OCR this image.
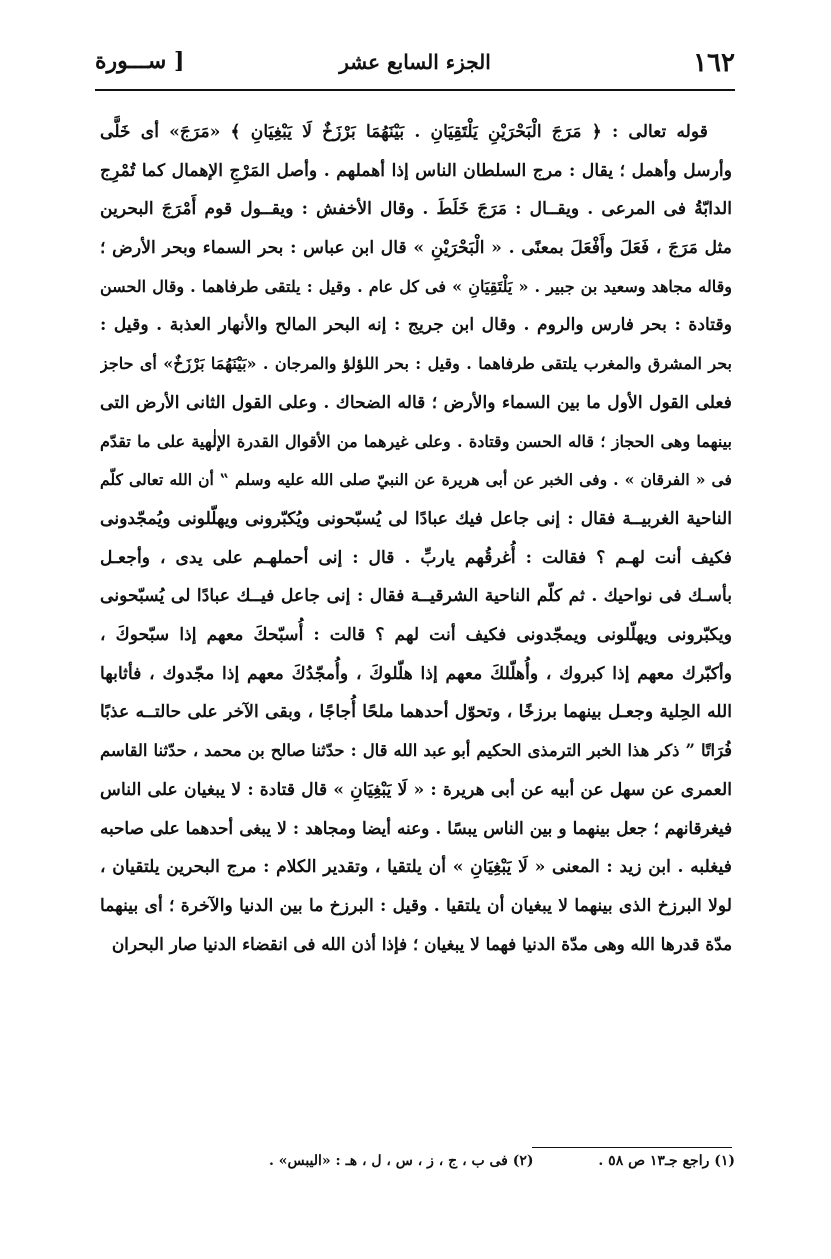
١٦٢
الجزء السابع عشر
[ ســـورة
قوله تعالى : ﴿ مَرَجَ الْبَحْرَيْنِ يَلْتَقِيَانِ . بَيْنَهُمَا بَرْزَخٌ لَا يَبْغِيَانِ ﴾ «مَرَجَ» أى خَلَّى
وأرسل وأهمل ؛ يقال : مرج السلطان الناس إذا أهملهم . وأصل المَرْجِ الإهمال كما تُمْرِج
الدابّةُ فى المرعى . ويقــال : مَرَجَ خَلَطَ . وقال الأخفش : ويقــول قوم أَمْرَجَ البحرين
مثل مَرَجَ ، فَعَلَ وأَفْعَلَ بمعنًى . « الْبَحْرَيْنِ » قال ابن عباس : بحر السماء وبحر الأرض ؛
وقاله مجاهد وسعيد بن جبير . « يَلْتَقِيَانِ » فى كل عام . وقيل : يلتقى طرفاهما . وقال الحسن
وقتادة : بحر فارس والروم . وقال ابن جريج : إنه البحر المالح والأنهار العذبة . وقيل :
بحر المشرق والمغرب يلتقى طرفاهما . وقيل : بحر اللؤلؤ والمرجان . «بَيْنَهُمَا بَرْزَخٌ» أى حاجز
فعلى القول الأول ما بين السماء والأرض ؛ قاله الضحاك . وعلى القول الثانى الأرض التى
بينهما وهى الحجاز ؛ قاله الحسن وقتادة . وعلى غيرهما من الأقوال القدرة الإلٰهية على ما تقدّم
فى « الفرقان » . وفى الخبر عن أبى هريرة عن النبيّ صلى الله عليه وسلم ‟ أن الله تعالى كلّم
الناحية الغربيــة فقال : إنى جاعل فيك عبادًا لى يُسبّحونى ويُكبّرونى ويهلّلونى ويُمجّدونى
فكيف أنت لهـم ؟ فقالت : أُغرقُهم ياربِّ . قال : إنى أحملهـم على يدى ، وأجعـل
بأسـك فى نواحيك . ثم كلّم الناحية الشرقيــة فقال : إنى جاعل فيــك عبادًا لى يُسبّحونى
ويكبّرونى ويهلّلونى ويمجّدونى فكيف أنت لهم ؟ قالت : أُسبّحكَ معهم إذا سبّحوكَ ،
وأكبّرك معهم إذا كبروك ، وأُهلّلكَ معهم إذا هلّلوكَ ، وأُمجّدُكَ معهم إذا مجّدوك ، فأثابها
الله الحِلية وجعـل بينهما برزخًا ، وتحوّل أحدهما ملحًا أُجاجًا ، وبقى الآخر على حالتــه عذبًا
فُرَاتًا ” ذكر هذا الخبر الترمذى الحكيم أبو عبد الله قال : حدّثنا صالح بن محمد ، حدّثنا القاسم
العمرى عن سهل عن أبيه عن أبى هريرة : « لَا يَبْغِيَانِ » قال قتادة : لا يبغيان على الناس
فيغرقانهم ؛ جعل بينهما و بين الناس يبسًا . وعنه أيضا ومجاهد : لا يبغى أحدهما على صاحبه
فيغلبه . ابن زيد : المعنى « لَا يَبْغِيَانِ » أن يلتقيا ، وتقدير الكلام : مرج البحرين يلتقيان ،
لولا البرزخ الذى بينهما لا يبغيان أن يلتقيا . وقيل : البرزخ ما بين الدنيا والآخرة ؛ أى بينهما
مدّة قدرها الله وهى مدّة الدنيا فهما لا يبغيان ؛ فإذا أذن الله فى انقضاء الدنيا صار البحران
(١) راجع جـ١٣ ص ٥٨ . (٢) فى ب ، ج ، ز ، س ، ل ، هـ : «اليبس» .
